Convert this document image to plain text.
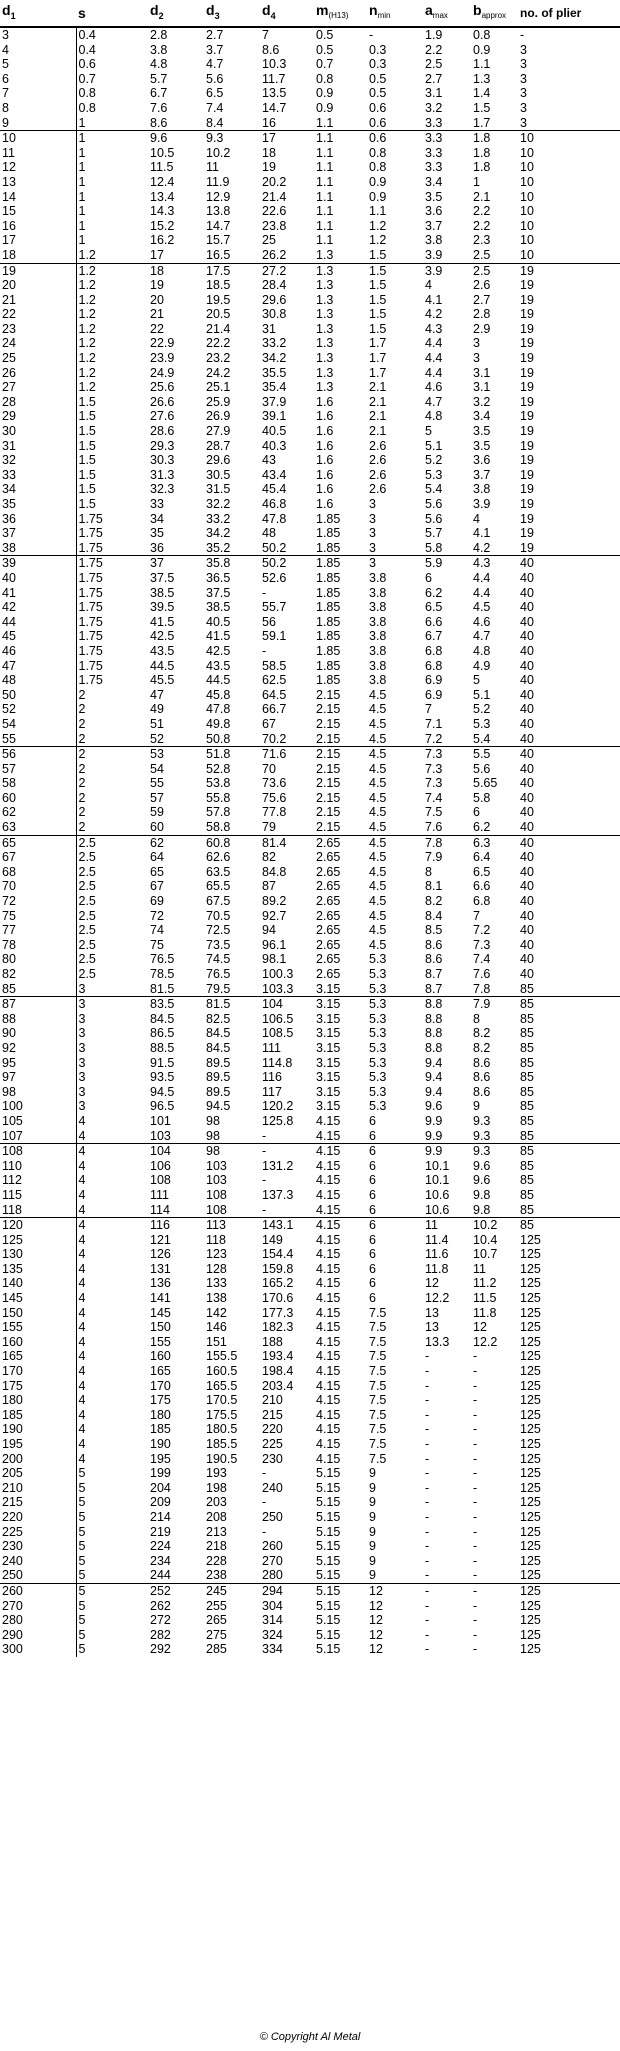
$d_1$	s	$d_2$	$d_3$	$d_4$	$m_{(H13)}$	$n_{min}$	$a_{max}$	$b_{approx}$	no. of plier
3	0.4	2.8	2.7	7	0.5	-	1.9	0.8	-
4	0.4	3.8	3.7	8.6	0.5	0.3	2.2	0.9	3
5	0.6	4.8	4.7	10.3	0.7	0.3	2.5	1.1	3
6	0.7	5.7	5.6	11.7	0.8	0.5	2.7	1.3	3
7	0.8	6.7	6.5	13.5	0.9	0.5	3.1	1.4	3
8	0.8	7.6	7.4	14.7	0.9	0.6	3.2	1.5	3
9	1	8.6	8.4	16	1.1	0.6	3.3	1.7	3
10	1	9.6	9.3	17	1.1	0.6	3.3	1.8	10
11	1	10.5	10.2	18	1.1	0.8	3.3	1.8	10
12	1	11.5	11	19	1.1	0.8	3.3	1.8	10
13	1	12.4	11.9	20.2	1.1	0.9	3.4	1	10
14	1	13.4	12.9	21.4	1.1	0.9	3.5	2.1	10
15	1	14.3	13.8	22.6	1.1	1.1	3.6	2.2	10
16	1	15.2	14.7	23.8	1.1	1.2	3.7	2.2	10
17	1	16.2	15.7	25	1.1	1.2	3.8	2.3	10
18	1.2	17	16.5	26.2	1.3	1.5	3.9	2.5	10
19	1.2	18	17.5	27.2	1.3	1.5	3.9	2.5	19
20	1.2	19	18.5	28.4	1.3	1.5	4	2.6	19
21	1.2	20	19.5	29.6	1.3	1.5	4.1	2.7	19
22	1.2	21	20.5	30.8	1.3	1.5	4.2	2.8	19
23	1.2	22	21.4	31	1.3	1.5	4.3	2.9	19
24	1.2	22.9	22.2	33.2	1.3	1.7	4.4	3	19
25	1.2	23.9	23.2	34.2	1.3	1.7	4.4	3	19
26	1.2	24.9	24.2	35.5	1.3	1.7	4.4	3.1	19
27	1.2	25.6	25.1	35.4	1.3	2.1	4.6	3.1	19
28	1.5	26.6	25.9	37.9	1.6	2.1	4.7	3.2	19
29	1.5	27.6	26.9	39.1	1.6	2.1	4.8	3.4	19
30	1.5	28.6	27.9	40.5	1.6	2.1	5	3.5	19
31	1.5	29.3	28.7	40.3	1.6	2.6	5.1	3.5	19
32	1.5	30.3	29.6	43	1.6	2.6	5.2	3.6	19
33	1.5	31.3	30.5	43.4	1.6	2.6	5.3	3.7	19
34	1.5	32.3	31.5	45.4	1.6	2.6	5.4	3.8	19
35	1.5	33	32.2	46.8	1.6	3	5.6	3.9	19
36	1.75	34	33.2	47.8	1.85	3	5.6	4	19
37	1.75	35	34.2	48	1.85	3	5.7	4.1	19
38	1.75	36	35.2	50.2	1.85	3	5.8	4.2	19
39	1.75	37	35.8	50.2	1.85	3	5.9	4.3	40
40	1.75	37.5	36.5	52.6	1.85	3.8	6	4.4	40
41	1.75	38.5	37.5	-	1.85	3.8	6.2	4.4	40
42	1.75	39.5	38.5	55.7	1.85	3.8	6.5	4.5	40
44	1.75	41.5	40.5	56	1.85	3.8	6.6	4.6	40
45	1.75	42.5	41.5	59.1	1.85	3.8	6.7	4.7	40
46	1.75	43.5	42.5	-	1.85	3.8	6.8	4.8	40
47	1.75	44.5	43.5	58.5	1.85	3.8	6.8	4.9	40
48	1.75	45.5	44.5	62.5	1.85	3.8	6.9	5	40
50	2	47	45.8	64.5	2.15	4.5	6.9	5.1	40
52	2	49	47.8	66.7	2.15	4.5	7	5.2	40
54	2	51	49.8	67	2.15	4.5	7.1	5.3	40
55	2	52	50.8	70.2	2.15	4.5	7.2	5.4	40
56	2	53	51.8	71.6	2.15	4.5	7.3	5.5	40
57	2	54	52.8	70	2.15	4.5	7.3	5.6	40
58	2	55	53.8	73.6	2.15	4.5	7.3	5.65	40
60	2	57	55.8	75.6	2.15	4.5	7.4	5.8	40
62	2	59	57.8	77.8	2.15	4.5	7.5	6	40
63	2	60	58.8	79	2.15	4.5	7.6	6.2	40
65	2.5	62	60.8	81.4	2.65	4.5	7.8	6.3	40
67	2.5	64	62.6	82	2.65	4.5	7.9	6.4	40
68	2.5	65	63.5	84.8	2.65	4.5	8	6.5	40
70	2.5	67	65.5	87	2.65	4.5	8.1	6.6	40
72	2.5	69	67.5	89.2	2.65	4.5	8.2	6.8	40
75	2.5	72	70.5	92.7	2.65	4.5	8.4	7	40
77	2.5	74	72.5	94	2.65	4.5	8.5	7.2	40
78	2.5	75	73.5	96.1	2.65	4.5	8.6	7.3	40
80	2.5	76.5	74.5	98.1	2.65	5.3	8.6	7.4	40
82	2.5	78.5	76.5	100.3	2.65	5.3	8.7	7.6	40
85	3	81.5	79.5	103.3	3.15	5.3	8.7	7.8	85
87	3	83.5	81.5	104	3.15	5.3	8.8	7.9	85
88	3	84.5	82.5	106.5	3.15	5.3	8.8	8	85
90	3	86.5	84.5	108.5	3.15	5.3	8.8	8.2	85
92	3	88.5	84.5	111	3.15	5.3	8.8	8.2	85
95	3	91.5	89.5	114.8	3.15	5.3	9.4	8.6	85
97	3	93.5	89.5	116	3.15	5.3	9.4	8.6	85
98	3	94.5	89.5	117	3.15	5.3	9.4	8.6	85
100	3	96.5	94.5	120.2	3.15	5.3	9.6	9	85
105	4	101	98	125.8	4.15	6	9.9	9.3	85
107	4	103	98	-	4.15	6	9.9	9.3	85
108	4	104	98	-	4.15	6	9.9	9.3	85
110	4	106	103	131.2	4.15	6	10.1	9.6	85
112	4	108	103	-	4.15	6	10.1	9.6	85
115	4	111	108	137.3	4.15	6	10.6	9.8	85
118	4	114	108	-	4.15	6	10.6	9.8	85
120	4	116	113	143.1	4.15	6	11	10.2	85
125	4	121	118	149	4.15	6	11.4	10.4	125
130	4	126	123	154.4	4.15	6	11.6	10.7	125
135	4	131	128	159.8	4.15	6	11.8	11	125
140	4	136	133	165.2	4.15	6	12	11.2	125
145	4	141	138	170.6	4.15	6	12.2	11.5	125
150	4	145	142	177.3	4.15	7.5	13	11.8	125
155	4	150	146	182.3	4.15	7.5	13	12	125
160	4	155	151	188	4.15	7.5	13.3	12.2	125
165	4	160	155.5	193.4	4.15	7.5	-	-	125
170	4	165	160.5	198.4	4.15	7.5	-	-	125
175	4	170	165.5	203.4	4.15	7.5	-	-	125
180	4	175	170.5	210	4.15	7.5	-	-	125
185	4	180	175.5	215	4.15	7.5	-	-	125
190	4	185	180.5	220	4.15	7.5	-	-	125
195	4	190	185.5	225	4.15	7.5	-	-	125
200	4	195	190.5	230	4.15	7.5	-	-	125
205	5	199	193	-	5.15	9	-	-	125
210	5	204	198	240	5.15	9	-	-	125
215	5	209	203	-	5.15	9	-	-	125
220	5	214	208	250	5.15	9	-	-	125
225	5	219	213	-	5.15	9	-	-	125
230	5	224	218	260	5.15	9	-	-	125
240	5	234	228	270	5.15	9	-	-	125
250	5	244	238	280	5.15	9	-	-	125
260	5	252	245	294	5.15	12	-	-	125
270	5	262	255	304	5.15	12	-	-	125
280	5	272	265	314	5.15	12	-	-	125
290	5	282	275	324	5.15	12	-	-	125
300	5	292	285	334	5.15	12	-	-	125
© Copyright Al Metal
